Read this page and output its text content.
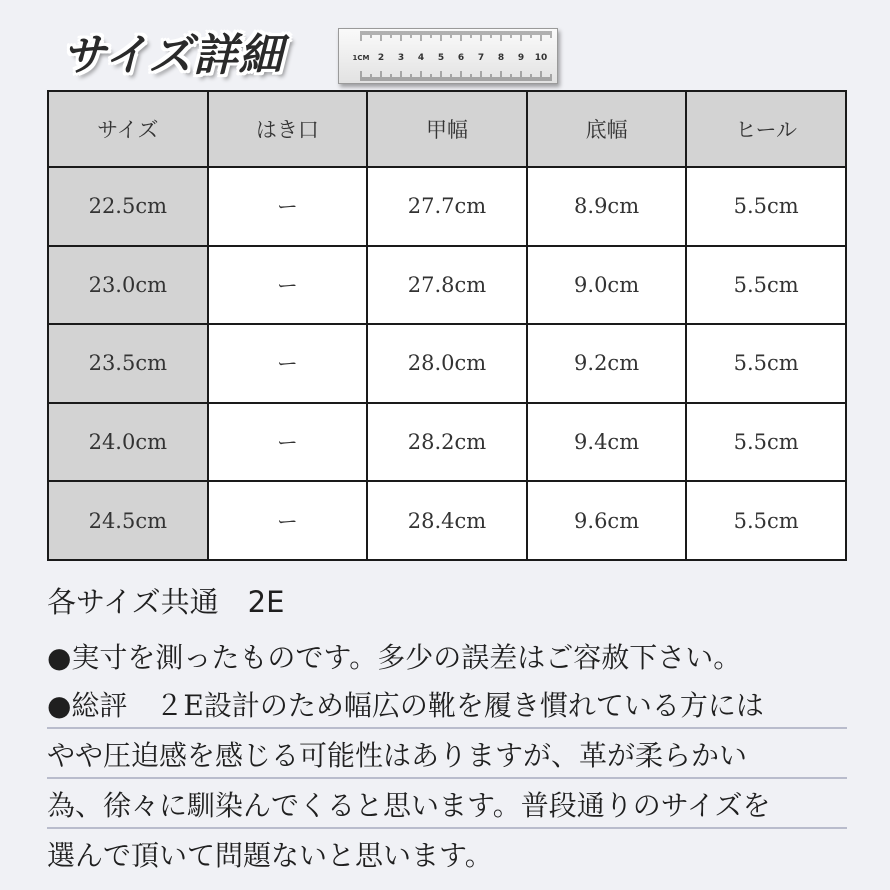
サイズ詳細	1CM 2 3 4 5 6 7 8 9 10
サイズ	はき口	甲幅	底幅	ヒール
22.5cm	ー	27.7cm	8.9cm	5.5cm
23.0cm	ー	27.8cm	9.0cm	5.5cm
23.5cm	ー	28.0cm	9.2cm	5.5cm
24.0cm	ー	28.2cm	9.4cm	5.5cm
24.5cm	ー	28.4cm	9.6cm	5.5cm
各サイズ共通　2E
●実寸を測ったものです。多少の誤差はご容赦下さい。
●総評　２E設計のため幅広の靴を履き慣れている方には
やや圧迫感を感じる可能性はありますが、革が柔らかい
為、徐々に馴染んでくると思います。普段通りのサイズを
選んで頂いて問題ないと思います。
